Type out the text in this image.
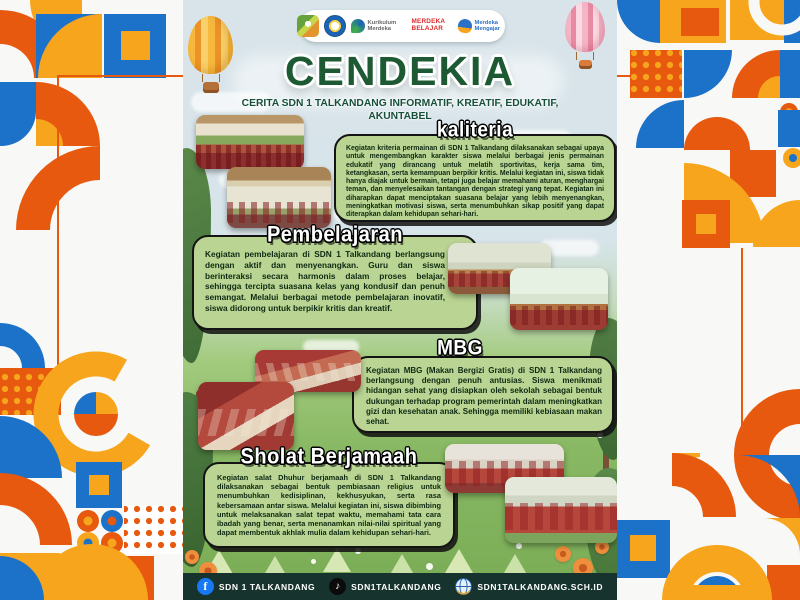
Kurikulum Merdeka
MERDEKA BELAJAR
Merdeka Mengajar
CENDEKIA
CERITA SDN 1 TALKANDANG INFORMATIF, KREATIF, EDUKATIF, AKUNTABEL
kaliteria
Kegiatan kriteria permainan di SDN 1 Talkandang dilaksanakan sebagai upaya untuk mengembangkan karakter siswa melalui berbagai jenis permainan edukatif yang dirancang untuk melatih sportivitas, kerja sama tim, ketangkasan, serta kemampuan berpikir kritis. Melalui kegiatan ini, siswa tidak hanya diajak untuk bermain, tetapi juga belajar memahami aturan, menghargai teman, dan menyelesaikan tantangan dengan strategi yang tepat. Kegiatan ini diharapkan dapat menciptakan suasana belajar yang lebih menyenangkan, meningkatkan motivasi siswa, serta menumbuhkan sikap positif yang dapat diterapkan dalam kehidupan sehari-hari.
Pembelajaran
Kegiatan pembelajaran di SDN 1 Talkandang berlangsung dengan aktif dan menyenangkan. Guru dan siswa berinteraksi secara harmonis dalam proses belajar, sehingga tercipta suasana kelas yang kondusif dan penuh semangat. Melalui berbagai metode pembelajaran inovatif, siswa didorong untuk berpikir kritis dan kreatif.
MBG
Kegiatan MBG (Makan Bergizi Gratis) di SDN 1 Talkandang berlangsung dengan penuh antusias. Siswa menikmati hidangan sehat yang disiapkan oleh sekolah sebagai bentuk dukungan terhadap program pemerintah dalam meningkatkan gizi dan kesehatan anak. Sehingga memiliki kebiasaan makan sehat.
Sholat Berjamaah
Kegiatan salat Dhuhur berjamaah di SDN 1 Talkandang dilaksanakan sebagai bentuk pembiasaan religius untuk menumbuhkan kedisiplinan, kekhusyukan, serta rasa kebersamaan antar siswa. Melalui kegiatan ini, siswa dibimbing untuk melaksanakan salat tepat waktu, memahami tata cara ibadah yang benar, serta menanamkan nilai-nilai spiritual yang dapat membentuk akhlak mulia dalam kehidupan sehari-hari.
f	SDN 1 TALKANDANG	♪	SDN1TALKANDANG	SDN1TALKANDANG.SCH.ID
